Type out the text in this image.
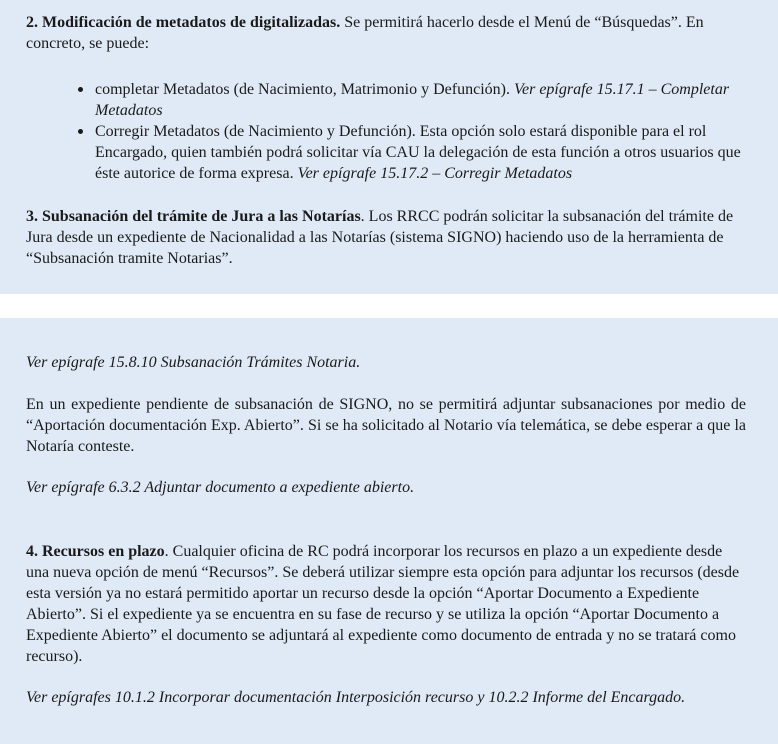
2. Modificación de metadatos de digitalizadas. Se permitirá hacerlo desde el Menú de “Búsquedas”. En concreto, se puede:

completar Metadatos (de Nacimiento, Matrimonio y Defunción). Ver epígrafe 15.17.1 – Completar Metadatos
Corregir Metadatos (de Nacimiento y Defunción). Esta opción solo estará disponible para el rol Encargado, quien también podrá solicitar vía CAU la delegación de esta función a otros usuarios que éste autorice de forma expresa. Ver epígrafe 15.17.2 – Corregir Metadatos

3. Subsanación del trámite de Jura a las Notarías. Los RRCC podrán solicitar la subsanación del trámite de Jura desde un expediente de Nacionalidad a las Notarías (sistema SIGNO) haciendo uso de la herramienta de “Subsanación tramite Notarias”.

Ver epígrafe 15.8.10 Subsanación Trámites Notaria.

En un expediente pendiente de subsanación de SIGNO, no se permitirá adjuntar subsanaciones por medio de “Aportación documentación Exp. Abierto”. Si se ha solicitado al Notario vía telemática, se debe esperar a que la Notaría conteste.

Ver epígrafe 6.3.2 Adjuntar documento a expediente abierto.

4. Recursos en plazo. Cualquier oficina de RC podrá incorporar los recursos en plazo a un expediente desde una nueva opción de menú “Recursos”. Se deberá utilizar siempre esta opción para adjuntar los recursos (desde esta versión ya no estará permitido aportar un recurso desde la opción “Aportar Documento a Expediente Abierto”. Si el expediente ya se encuentra en su fase de recurso y se utiliza la opción “Aportar Documento a Expediente Abierto” el documento se adjuntará al expediente como documento de entrada y no se tratará como recurso).

Ver epígrafes 10.1.2 Incorporar documentación Interposición recurso y 10.2.2 Informe del Encargado.
